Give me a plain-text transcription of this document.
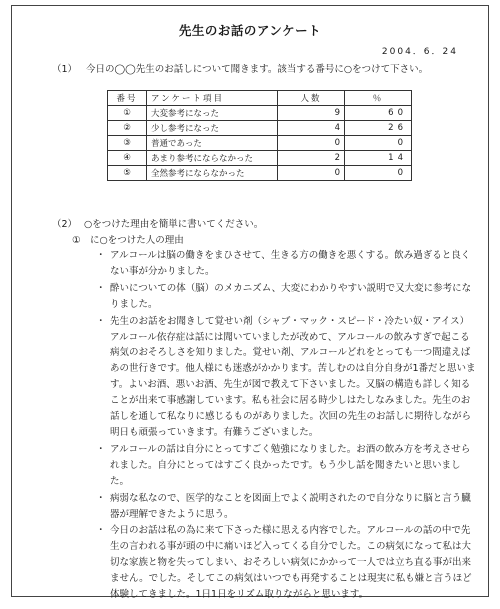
先生のお話のアンケート
2004．6．24
（1） 今日の◯◯先生のお話しについて聞きます。該当する番号に○をつけて下さい。
番号	アンケート項目	人数	％
①	大変参考になった	9	60
②	少し参考になった	4	26
③	普通であった	0	0
④	あまり参考にならなかった	2	14
⑤	全然参考にならなかった	0	0
（2） ○をつけた理由を簡単に書いてください。
①　に○をつけた人の理由
・ アルコールは脳の働きをまひさせて、生きる方の働きを悪くする。飲み過ぎると良くない事が分かりました。
・ 酔いについての体（脳）のメカニズム、大変にわかりやすい説明で又大変に参考になりました。
・ 先生のお話をお聞きして覚せい剤（シャブ・マック・スピード・冷たい奴・アイス）アルコール依存症は話には聞いていましたが改めて、アルコールの飲みすぎで起こる病気のおそろしさを知りました。覚せい剤、アルコールどれをとっても一つ間違えばあの世行きです。他人様にも迷惑がかかります。苦しむのは自分自身が1番だと思います。よいお酒、悪いお酒、先生が図で教えて下さいました。又脳の構造も詳しく知ることが出来て事感謝しています。私も社会に居る時少しはたしなみました。先生のお話しを通して私なりに感じるものがありました。次回の先生のお話しに期待しながら明日も頑張っていきます。有難うございました。
・ アルコールの話は自分にとってすごく勉強になりました。お酒の飲み方を考えさせられました。自分にとってはすごく良かったです。もう少し話を聞きたいと思いました。
・ 病弱な私なので、医学的なことを図面上でよく説明されたので自分なりに脳と言う臓器が理解できたように思う。
・ 今日のお話は私の為に来て下さった様に思える内容でした。アルコールの話の中で先生の言われる事が頭の中に痛いほど入ってくる自分でした。この病気になって私は大切な家族と物を失ってしまい、おそろしい病気にかかって一人では立ち直る事が出来ません。でした。そしてこの病気はいつでも再発することは現実に私も嫌と言うほど体験してきました。1日1日をリズム取りながらと思います。
